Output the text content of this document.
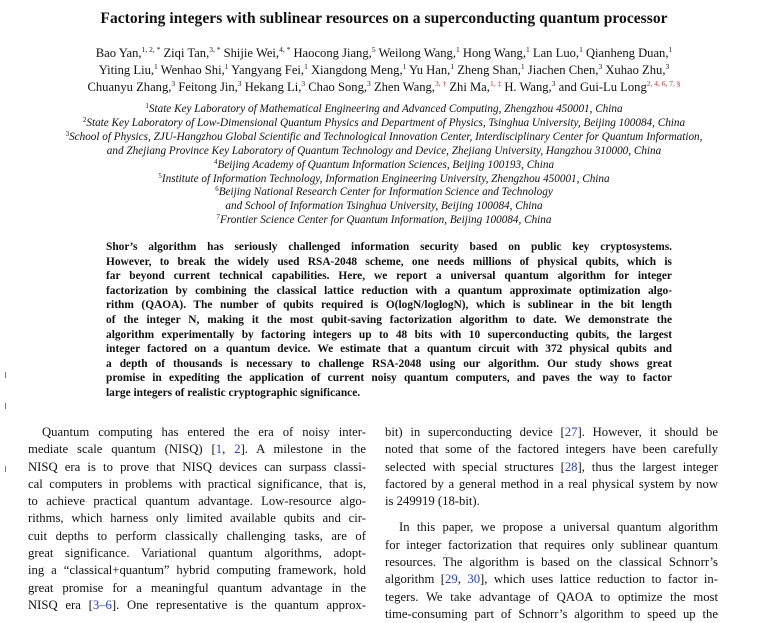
Factoring integers with sublinear resources on a superconducting quantum processor
Bao Yan,$^{1, 2, *}$ Ziqi Tan,$^{3, *}$ Shijie Wei,$^{4, *}$ Haocong Jiang,$^5$ Weilong Wang,$^1$ Hong Wang,$^1$ Lan Luo,$^1$ Qianheng Duan,$^1$
Yiting Liu,$^1$ Wenhao Shi,$^1$ Yangyang Fei,$^1$ Xiangdong Meng,$^1$ Yu Han,$^1$ Zheng Shan,$^1$ Jiachen Chen,$^3$ Xuhao Zhu,$^3$
Chuanyu Zhang,$^3$ Feitong Jin,$^3$ Hekang Li,$^3$ Chao Song,$^3$ Zhen Wang,$^{3, \dagger}$ Zhi Ma,$^{1, \ddagger}$ H. Wang,$^3$ and Gui-Lu Long$^{2, 4, 6, 7, \S}$
$^1$State Key Laboratory of Mathematical Engineering and Advanced Computing, Zhengzhou 450001, China
$^2$State Key Laboratory of Low-Dimensional Quantum Physics and Department of Physics, Tsinghua University, Beijing 100084, China
$^3$School of Physics, ZJU-Hangzhou Global Scientific and Technological Innovation Center, Interdisciplinary Center for Quantum Information,
and Zhejiang Province Key Laboratory of Quantum Technology and Device, Zhejiang University, Hangzhou 310000, China
$^4$Beijing Academy of Quantum Information Sciences, Beijing 100193, China
$^5$Institute of Information Technology, Information Engineering University, Zhengzhou 450001, China
$^6$Beijing National Research Center for Information Science and Technology
and School of Information Tsinghua University, Beijing 100084, China
$^7$Frontier Science Center for Quantum Information, Beijing 100084, China
Shor’s algorithm has seriously challenged information security based on public key cryptosystems.
However, to break the widely used RSA-2048 scheme, one needs millions of physical qubits, which is
far beyond current technical capabilities. Here, we report a universal quantum algorithm for integer
factorization by combining the classical lattice reduction with a quantum approximate optimization algo-
rithm (QAOA). The number of qubits required is O(logN/loglogN), which is sublinear in the bit length
of the integer N, making it the most qubit-saving factorization algorithm to date. We demonstrate the
algorithm experimentally by factoring integers up to 48 bits with 10 superconducting qubits, the largest
integer factored on a quantum device. We estimate that a quantum circuit with 372 physical qubits and
a depth of thousands is necessary to challenge RSA-2048 using our algorithm. Our study shows great
promise in expediting the application of current noisy quantum computers, and paves the way to factor
large integers of realistic cryptographic significance.
Quantum computing has entered the era of noisy inter-
mediate scale quantum (NISQ) [1, 2]. A milestone in the
NISQ era is to prove that NISQ devices can surpass classi-
cal computers in problems with practical significance, that is,
to achieve practical quantum advantage. Low-resource algo-
rithms, which harness only limited available qubits and cir-
cuit depths to perform classically challenging tasks, are of
great significance. Variational quantum algorithms, adopt-
ing a “classical+quantum” hybrid computing framework, hold
great promise for a meaningful quantum advantage in the
NISQ era [3–6]. One representative is the quantum approx-
bit) in superconducting device [27]. However, it should be
noted that some of the factored integers have been carefully
selected with special structures [28], thus the largest integer
factored by a general method in a real physical system by now
is 249919 (18-bit).
In this paper, we propose a universal quantum algorithm
for integer factorization that requires only sublinear quantum
resources. The algorithm is based on the classical Schnorr’s
algorithm [29, 30], which uses lattice reduction to factor in-
tegers. We take advantage of QAOA to optimize the most
time-consuming part of Schnorr’s algorithm to speed up the
